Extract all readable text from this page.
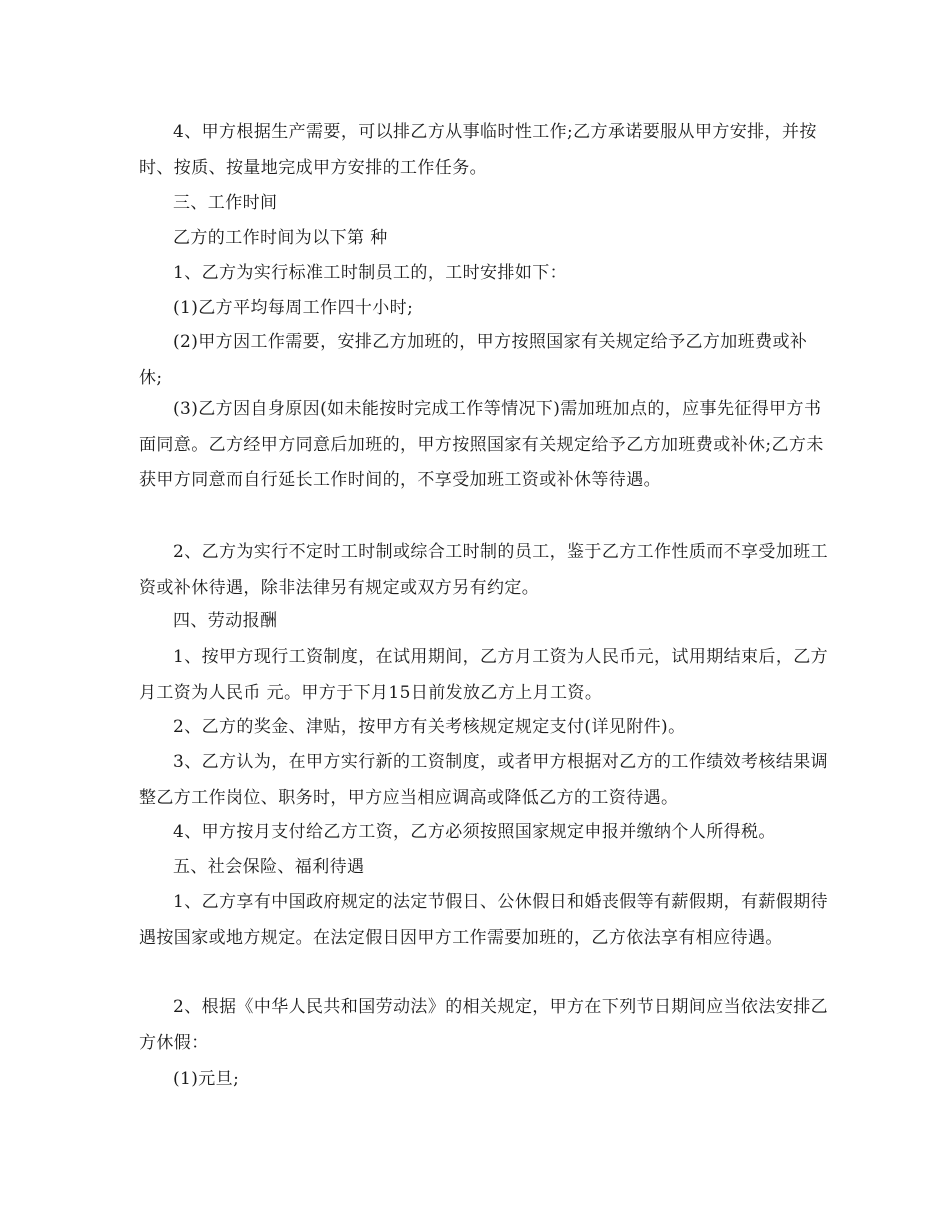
4、甲方根据生产需要，可以排乙方从事临时性工作;乙方承诺要服从甲方安排，并按时、按质、按量地完成甲方安排的工作任务。

三、工作时间

乙方的工作时间为以下第 种

1、乙方为实行标准工时制员工的，工时安排如下：

(1)乙方平均每周工作四十小时;

(2)甲方因工作需要，安排乙方加班的，甲方按照国家有关规定给予乙方加班费或补休;

(3)乙方因自身原因(如未能按时完成工作等情况下)需加班加点的，应事先征得甲方书面同意。乙方经甲方同意后加班的，甲方按照国家有关规定给予乙方加班费或补休;乙方未获甲方同意而自行延长工作时间的，不享受加班工资或补休等待遇。

2、乙方为实行不定时工时制或综合工时制的员工，鉴于乙方工作性质而不享受加班工资或补休待遇，除非法律另有规定或双方另有约定。

四、劳动报酬

1、按甲方现行工资制度，在试用期间，乙方月工资为人民币元，试用期结束后，乙方月工资为人民币 元。甲方于下月15日前发放乙方上月工资。

2、乙方的奖金、津贴，按甲方有关考核规定规定支付(详见附件)。

3、乙方认为，在甲方实行新的工资制度，或者甲方根据对乙方的工作绩效考核结果调整乙方工作岗位、职务时，甲方应当相应调高或降低乙方的工资待遇。

4、甲方按月支付给乙方工资，乙方必须按照国家规定申报并缴纳个人所得税。

五、社会保险、福利待遇

1、乙方享有中国政府规定的法定节假日、公休假日和婚丧假等有薪假期，有薪假期待遇按国家或地方规定。在法定假日因甲方工作需要加班的，乙方依法享有相应待遇。

2、根据《中华人民共和国劳动法》的相关规定，甲方在下列节日期间应当依法安排乙方休假：

(1)元旦;
